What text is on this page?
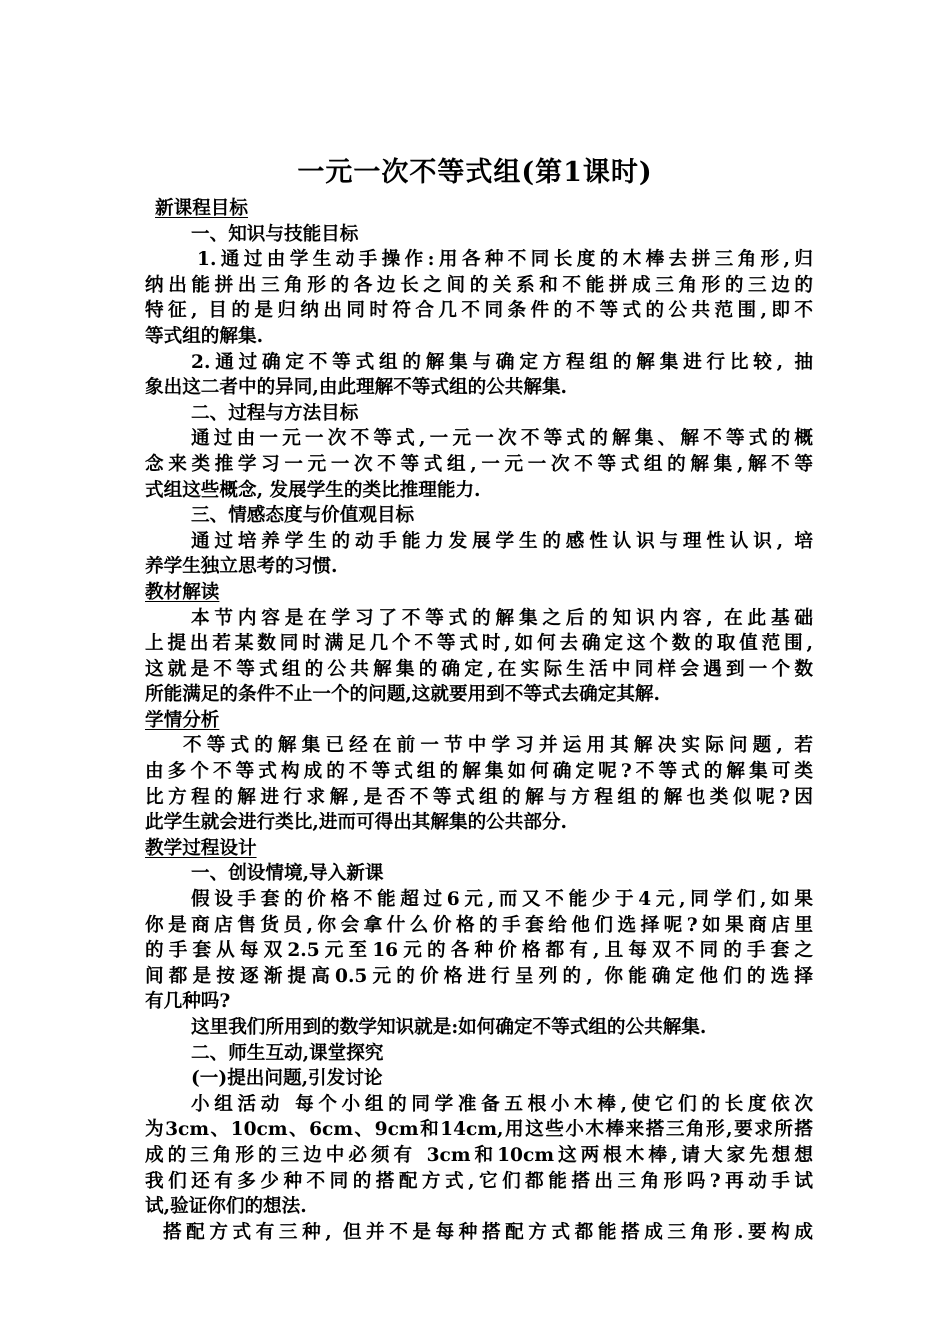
一元一次不等式组(第1课时)
新课程目标
一、知识与技能目标
1.通过由学生动手操作:用各种不同长度的木棒去拼三角形,归
纳出能拼出三角形的各边长之间的关系和不能拼成三角形的三边的
特征, 目的是归纳出同时符合几不同条件的不等式的公共范围,即不
等式组的解集.
2.通过确定不等式组的解集与确定方程组的解集进行比较, 抽
象出这二者中的异同,由此理解不等式组的公共解集.
二、过程与方法目标
通过由一元一次不等式,一元一次不等式的解集、解不等式的概
念来类推学习一元一次不等式组,一元一次不等式组的解集,解不等
式组这些概念, 发展学生的类比推理能力.
三、情感态度与价值观目标
通过培养学生的动手能力发展学生的感性认识与理性认识, 培
养学生独立思考的习惯.
教材解读
本节内容是在学习了不等式的解集之后的知识内容, 在此基础
上提出若某数同时满足几个不等式时,如何去确定这个数的取值范围,
这就是不等式组的公共解集的确定,在实际生活中同样会遇到一个数
所能满足的条件不止一个的问题,这就要用到不等式去确定其解.
学情分析
不等式的解集已经在前一节中学习并运用其解决实际问题, 若
由多个不等式构成的不等式组的解集如何确定呢?不等式的解集可类
比方程的解进行求解,是否不等式组的解与方程组的解也类似呢?因
此学生就会进行类比,进而可得出其解集的公共部分.
教学过程设计
一、创设情境,导入新课
假设手套的价格不能超过6元,而又不能少于4元,同学们,如果
你是商店售货员,你会拿什么价格的手套给他们选择呢?如果商店里
的手套从每双2.5元至16元的各种价格都有,且每双不同的手套之
间都是按逐渐提高0.5元的价格进行呈列的, 你能确定他们的选择
有几种吗?
这里我们所用到的数学知识就是:如何确定不等式组的公共解集.
二、师生互动,课堂探究
(一)提出问题,引发讨论
小组活动 每个小组的同学准备五根小木棒,使它们的长度依次
为3cm、10cm、6cm、9cm和14cm,用这些小木棒来搭三角形,要求所搭
成的三角形的三边中必须有 3cm和10cm这两根木棒,请大家先想想
我们还有多少种不同的搭配方式,它们都能搭出三角形吗?再动手试
试,验证你们的想法.
搭配方式有三种, 但并不是每种搭配方式都能搭成三角形.要构成
